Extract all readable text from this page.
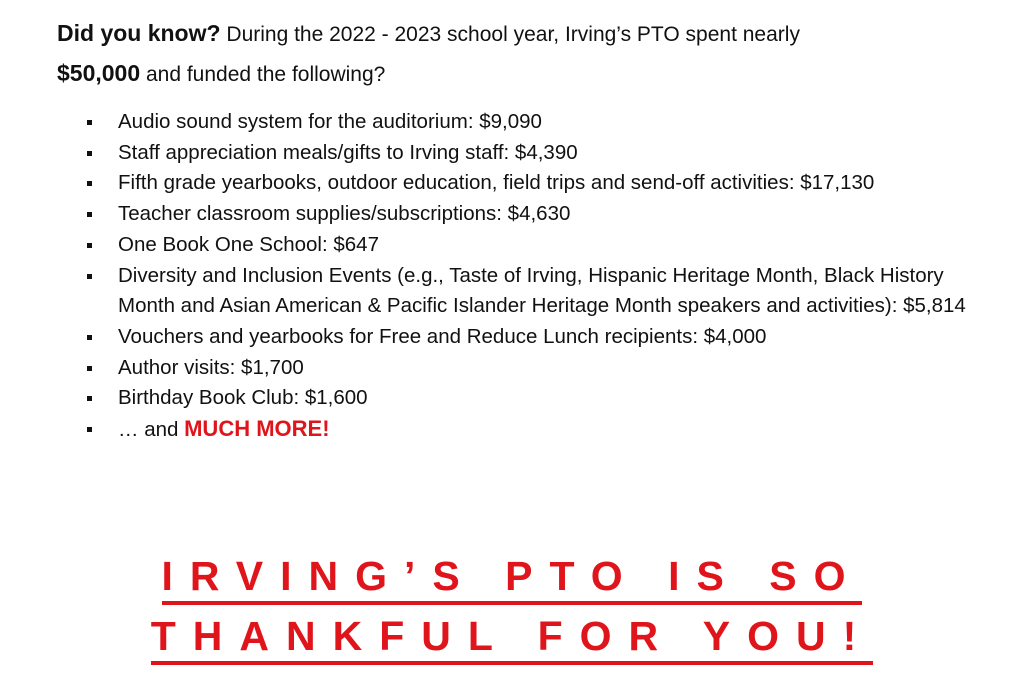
Did you know? During the 2022 - 2023 school year, Irving’s PTO spent nearly
$50,000 and funded the following?
Audio sound system for the auditorium: $9,090
Staff appreciation meals/gifts to Irving staff: $4,390
Fifth grade yearbooks, outdoor education, field trips and send-off activities: $17,130
Teacher classroom supplies/subscriptions: $4,630
One Book One School: $647
Diversity and Inclusion Events (e.g., Taste of Irving, Hispanic Heritage Month, Black History Month and Asian American & Pacific Islander Heritage Month speakers and activities): $5,814
Vouchers and yearbooks for Free and Reduce Lunch recipients: $4,000
Author visits: $1,700
Birthday Book Club: $1,600
… and MUCH MORE!
IRVING’S PTO IS SO
THANKFUL FOR YOU!
